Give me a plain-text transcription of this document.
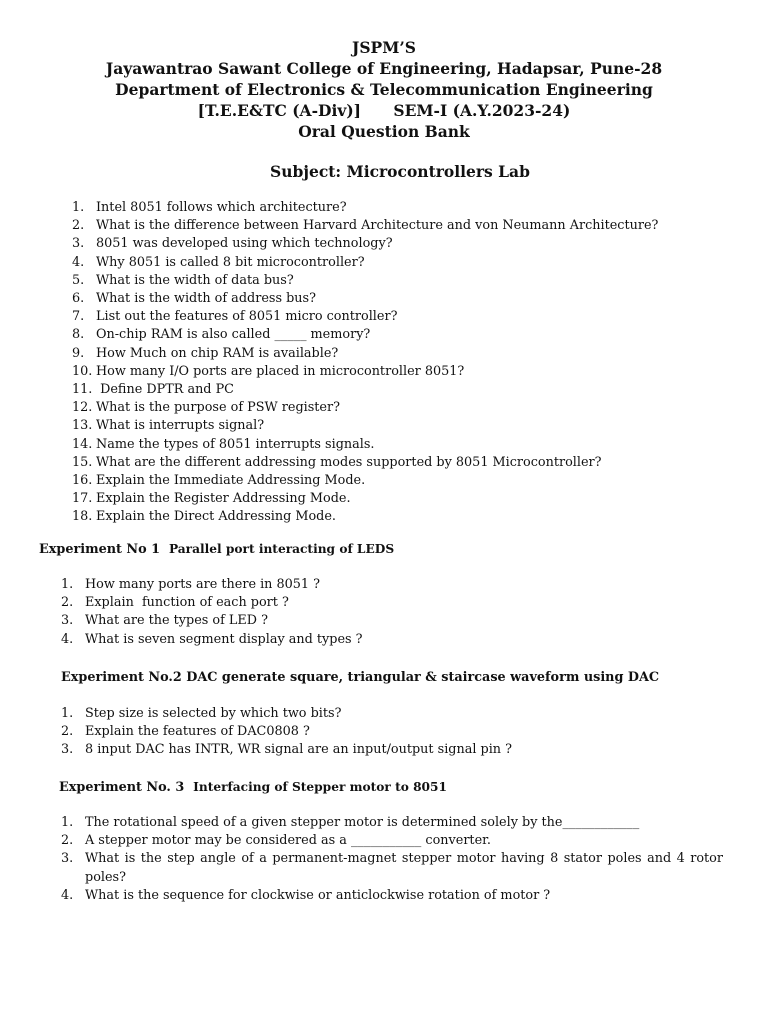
JSPM’S
Jayawantrao Sawant College of Engineering, Hadapsar, Pune-28
Department of Electronics & Telecommunication Engineering
[T.E.E&TC (A-Div)]      SEM-I (A.Y.2023-24)
Oral Question Bank
Subject: Microcontrollers Lab
1. Intel 8051 follows which architecture?
2. What is the difference between Harvard Architecture and von Neumann Architecture?
3. 8051 was developed using which technology?
4. Why 8051 is called 8 bit microcontroller?
5. What is the width of data bus?
6. What is the width of address bus?
7. List out the features of 8051 micro controller?
8. On-chip RAM is also called _____ memory?
9. How Much on chip RAM is available?
10. How many I/O ports are placed in microcontroller 8051?
11. Define DPTR and PC
12. What is the purpose of PSW register?
13. What is interrupts signal?
14. Name the types of 8051 interrupts signals.
15. What are the different addressing modes supported by 8051 Microcontroller?
16. Explain the Immediate Addressing Mode.
17. Explain the Register Addressing Mode.
18. Explain the Direct Addressing Mode.
Experiment No 1  Parallel port interacting of LEDS
1. How many ports are there in 8051 ?
2. Explain  function of each port ?
3. What are the types of LED ?
4. What is seven segment display and types ?
Experiment No.2 DAC generate square, triangular & staircase waveform using DAC
1. Step size is selected by which two bits?
2. Explain the features of DAC0808 ?
3. 8 input DAC has INTR, WR signal are an input/output signal pin ?
Experiment No. 3  Interfacing of Stepper motor to 8051
1. The rotational speed of a given stepper motor is determined solely by the____________
2. A stepper motor may be considered as a ___________ converter.
3. What is the step angle of a permanent-magnet stepper motor having 8 stator poles and 4 rotor poles?
4. What is the sequence for clockwise or anticlockwise rotation of motor ?
